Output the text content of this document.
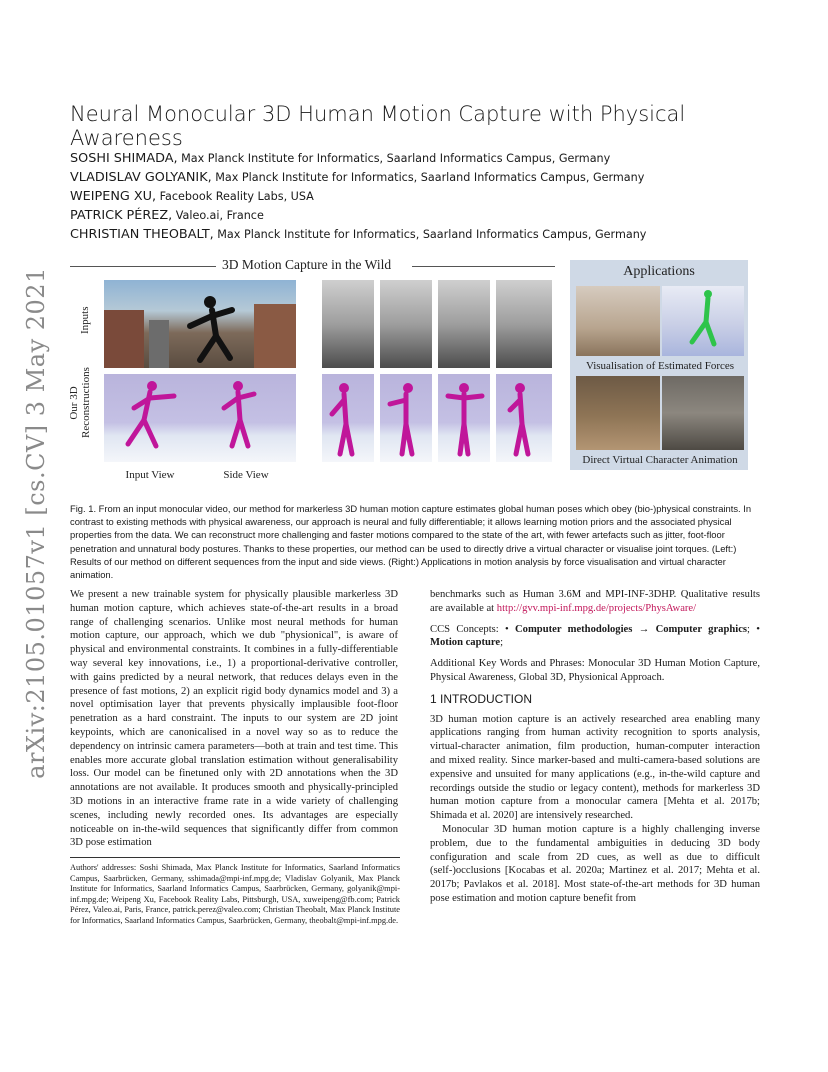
arXiv:2105.01057v1 [cs.CV] 3 May 2021
Neural Monocular 3D Human Motion Capture with Physical Awareness
SOSHI SHIMADA, Max Planck Institute for Informatics, Saarland Informatics Campus, Germany
VLADISLAV GOLYANIK, Max Planck Institute for Informatics, Saarland Informatics Campus, Germany
WEIPENG XU, Facebook Reality Labs, USA
PATRICK PÉREZ, Valeo.ai, France
CHRISTIAN THEOBALT, Max Planck Institute for Informatics, Saarland Informatics Campus, Germany
3D Motion Capture in the Wild
Inputs
Our 3D Reconstructions
Input View	Side View
Applications
Visualisation of Estimated Forces
Direct Virtual Character Animation
Fig. 1. From an input monocular video, our method for markerless 3D human motion capture estimates global human poses which obey (bio-)physical constraints. In contrast to existing methods with physical awareness, our approach is neural and fully differentiable; it allows learning motion priors and the associated physical properties from the data. We can reconstruct more challenging and faster motions compared to the state of the art, with fewer artefacts such as jitter, foot-floor penetration and unnatural body postures. Thanks to these properties, our method can be used to directly drive a virtual character or visualise joint torques. (Left:) Results of our method on different sequences from the input and side views. (Right:) Applications in motion analysis by force visualisation and virtual character animation.
We present a new trainable system for physically plausible markerless 3D human motion capture, which achieves state-of-the-art results in a broad range of challenging scenarios. Unlike most neural methods for human motion capture, our approach, which we dub "physionical", is aware of physical and environmental constraints. It combines in a fully-differentiable way several key innovations, i.e., 1) a proportional-derivative controller, with gains predicted by a neural network, that reduces delays even in the presence of fast motions, 2) an explicit rigid body dynamics model and 3) a novel optimisation layer that prevents physically implausible foot-floor penetration as a hard constraint. The inputs to our system are 2D joint keypoints, which are canonicalised in a novel way so as to reduce the dependency on intrinsic camera parameters—both at train and test time. This enables more accurate global translation estimation without generalisability loss. Our model can be finetuned only with 2D annotations when the 3D annotations are not available. It produces smooth and physically-principled 3D motions in an interactive frame rate in a wide variety of challenging scenes, including newly recorded ones. Its advantages are especially noticeable on in-the-wild sequences that significantly differ from common 3D pose estimation
Authors' addresses: Soshi Shimada, Max Planck Institute for Informatics, Saarland Informatics Campus, Saarbrücken, Germany, sshimada@mpi-inf.mpg.de; Vladislav Golyanik, Max Planck Institute for Informatics, Saarland Informatics Campus, Saarbrücken, Germany, golyanik@mpi-inf.mpg.de; Weipeng Xu, Facebook Reality Labs, Pittsburgh, USA, xuweipeng@fb.com; Patrick Pérez, Valeo.ai, Paris, France, patrick.perez@valeo.com; Christian Theobalt, Max Planck Institute for Informatics, Saarland Informatics Campus, Saarbrücken, Germany, theobalt@mpi-inf.mpg.de.
benchmarks such as Human 3.6M and MPI-INF-3DHP. Qualitative results are available at http://gvv.mpi-inf.mpg.de/projects/PhysAware/
CCS Concepts: • Computer methodologies → Computer graphics; • Motion capture;
Additional Key Words and Phrases: Monocular 3D Human Motion Capture, Physical Awareness, Global 3D, Physionical Approach.
1 INTRODUCTION
3D human motion capture is an actively researched area enabling many applications ranging from human activity recognition to sports analysis, virtual-character animation, film production, human-computer interaction and mixed reality. Since marker-based and multi-camera-based solutions are expensive and unsuited for many applications (e.g., in-the-wild capture and recordings outside the studio or legacy content), methods for markerless 3D human motion capture from a monocular camera [Mehta et al. 2017b; Shimada et al. 2020] are intensively researched.
Monocular 3D human motion capture is a highly challenging inverse problem, due to the fundamental ambiguities in deducing 3D body configuration and scale from 2D cues, as well as due to difficult (self-)occlusions [Kocabas et al. 2020a; Martinez et al. 2017; Mehta et al. 2017b; Pavlakos et al. 2018]. Most state-of-the-art methods for 3D human pose estimation and motion capture benefit from
